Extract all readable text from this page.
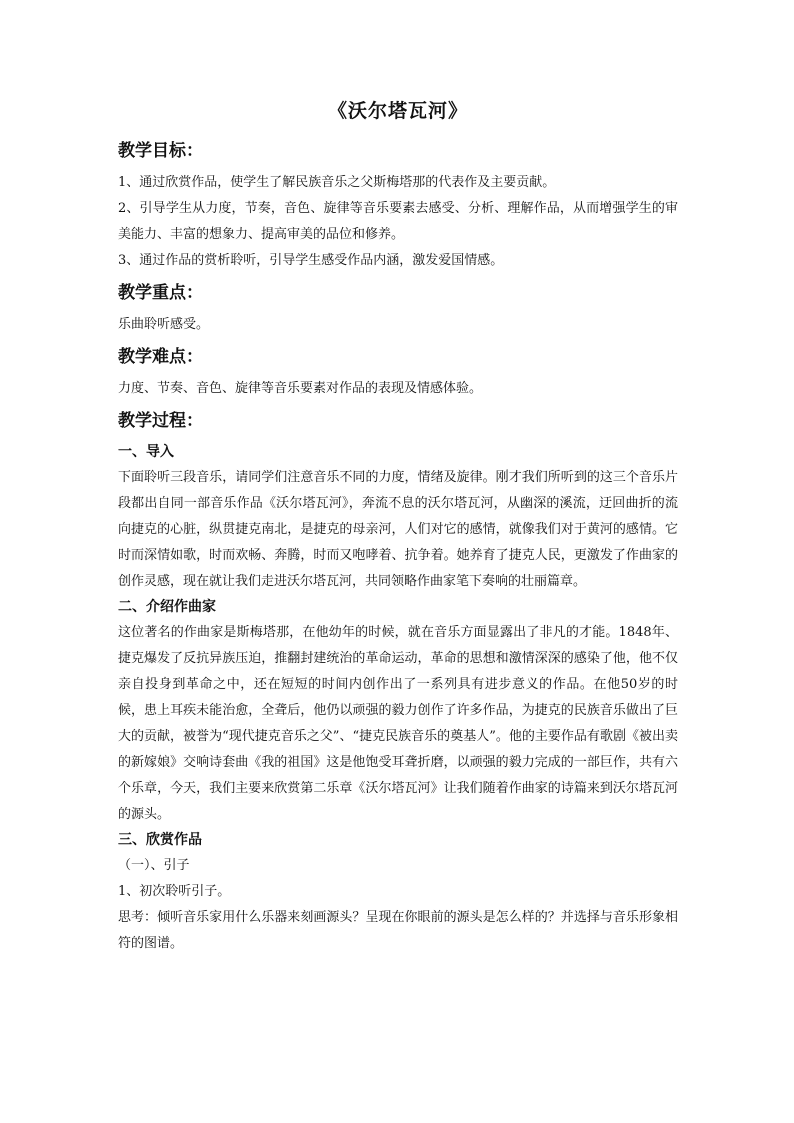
《沃尔塔瓦河》
教学目标：
1、通过欣赏作品，使学生了解民族音乐之父斯梅塔那的代表作及主要贡献。
2、引导学生从力度，节奏，音色、旋律等音乐要素去感受、分析、理解作品，从而增强学生的审美能力、丰富的想象力、提高审美的品位和修养。
3、通过作品的赏析聆听，引导学生感受作品内涵，激发爱国情感。
教学重点：
乐曲聆听感受。
教学难点：
力度、节奏、音色、旋律等音乐要素对作品的表现及情感体验。
教学过程：
一、导入
下面聆听三段音乐，请同学们注意音乐不同的力度，情绪及旋律。刚才我们所听到的这三个音乐片段都出自同一部音乐作品《沃尔塔瓦河》，奔流不息的沃尔塔瓦河，从幽深的溪流，迂回曲折的流向捷克的心脏，纵贯捷克南北，是捷克的母亲河，人们对它的感情，就像我们对于黄河的感情。它时而深情如歌，时而欢畅、奔腾，时而又咆哮着、抗争着。她养育了捷克人民，更激发了作曲家的创作灵感，现在就让我们走进沃尔塔瓦河，共同领略作曲家笔下奏响的壮丽篇章。
二、介绍作曲家
这位著名的作曲家是斯梅塔那，在他幼年的时候，就在音乐方面显露出了非凡的才能。1848年、捷克爆发了反抗异族压迫，推翻封建统治的革命运动，革命的思想和激情深深的感染了他，他不仅亲自投身到革命之中，还在短短的时间内创作出了一系列具有进步意义的作品。在他50岁的时候，患上耳疾未能治愈，全聋后，他仍以顽强的毅力创作了许多作品，为捷克的民族音乐做出了巨大的贡献，被誉为“现代捷克音乐之父”、“捷克民族音乐的奠基人”。他的主要作品有歌剧《被出卖的新嫁娘》交响诗套曲《我的祖国》这是他饱受耳聋折磨，以顽强的毅力完成的一部巨作，共有六个乐章，今天，我们主要来欣赏第二乐章《沃尔塔瓦河》让我们随着作曲家的诗篇来到沃尔塔瓦河的源头。
三、欣赏作品
（一）、引子
1、初次聆听引子。
思考：倾听音乐家用什么乐器来刻画源头？呈现在你眼前的源头是怎么样的？并选择与音乐形象相符的图谱。
